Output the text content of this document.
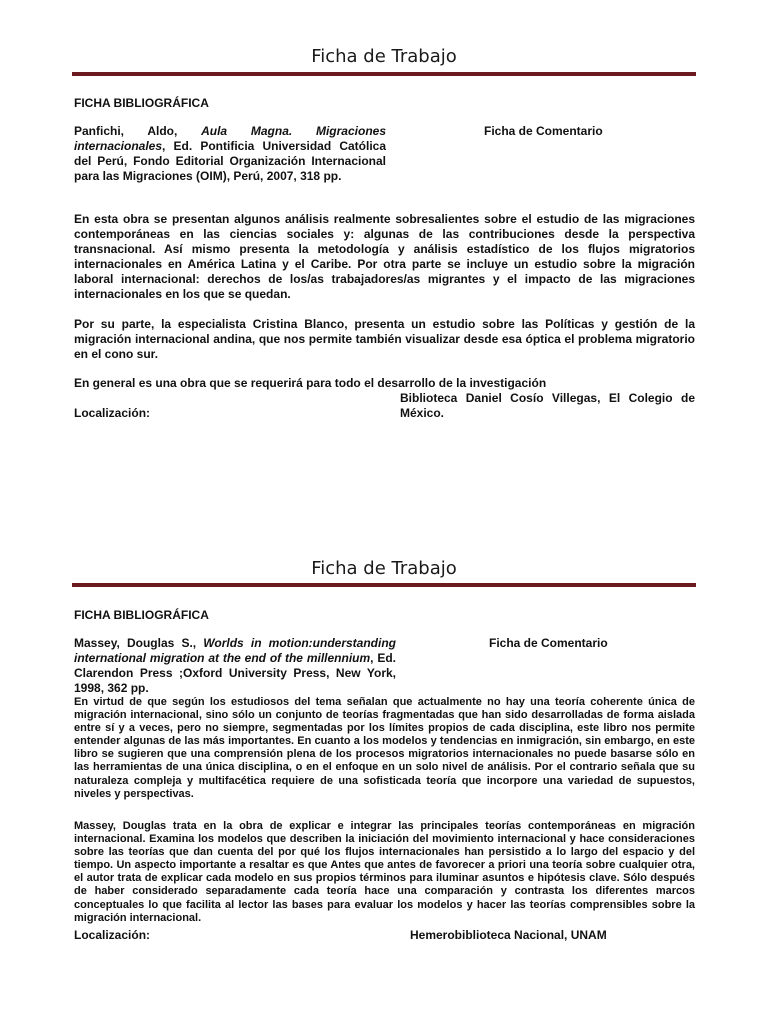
Ficha de Trabajo
FICHA BIBLIOGRÁFICA
Panfichi, Aldo, Aula Magna. Migraciones internacionales, Ed. Pontificia Universidad Católica del Perú, Fondo Editorial Organización Internacional para las Migraciones (OIM), Perú, 2007, 318 pp.
Ficha de Comentario

En esta obra se presentan algunos análisis realmente sobresalientes sobre el estudio de las migraciones contemporáneas en las ciencias sociales y: algunas de las contribuciones desde la perspectiva transnacional. Así mismo presenta la metodología y análisis estadístico de los flujos migratorios internacionales en América Latina y el Caribe. Por otra parte se incluye un estudio sobre la migración laboral internacional: derechos de los/as trabajadores/as migrantes y el impacto de las migraciones internacionales en los que se quedan.

Por su parte, la especialista Cristina Blanco, presenta un estudio sobre las Políticas y gestión de la migración internacional andina, que nos permite también visualizar desde esa óptica el problema migratorio en el cono sur.

En general es una obra que se requerirá para todo el desarrollo de la investigación

Localización:
Biblioteca Daniel Cosío Villegas, El Colegio de México.
Ficha de Trabajo
FICHA BIBLIOGRÁFICA
Massey, Douglas S., Worlds in motion:understanding international migration at the end of the millennium, Ed. Clarendon Press ;Oxford University Press, New York, 1998, 362 pp.
Ficha de Comentario

En virtud de que según los estudiosos del tema señalan que actualmente no hay una teoría coherente única de migración internacional, sino sólo un conjunto de teorías fragmentadas que han sido desarrolladas de forma aislada entre sí y a veces, pero no siempre, segmentadas por los límites propios de cada disciplina, este libro nos permite entender algunas de las más importantes. En cuanto a los modelos y tendencias en inmigración, sin embargo, en este libro se sugieren que una comprensión plena de los procesos migratorios internacionales no puede basarse sólo en las herramientas de una única disciplina, o en el enfoque en un solo nivel de análisis. Por el contrario señala que su naturaleza compleja y multifacética requiere de una sofisticada teoría que incorpore una variedad de supuestos, niveles y perspectivas.

Massey, Douglas trata en la obra de explicar e integrar las principales teorías contemporáneas en migración internacional. Examina los modelos que describen la iniciación del movimiento internacional y hace consideraciones sobre las teorías que dan cuenta del por qué los flujos internacionales han persistido a lo largo del espacio y del tiempo. Un aspecto importante a resaltar es que Antes que antes de favorecer a priori una teoría sobre cualquier otra, el autor trata de explicar cada modelo en sus propios términos para iluminar asuntos e hipótesis clave. Sólo después de haber considerado separadamente cada teoría hace una comparación y contrasta los diferentes marcos conceptuales lo que facilita al lector las bases para evaluar los modelos y hacer las teorías comprensibles sobre la migración internacional.

Localización:	Hemerobiblioteca Nacional, UNAM
